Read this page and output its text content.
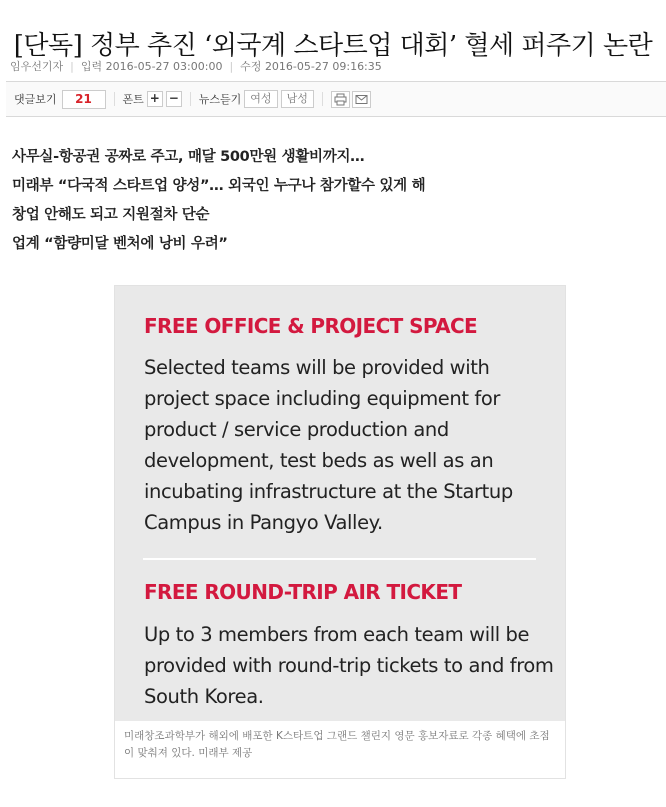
[단독] 정부 추진 ‘외국계 스타트업 대회’ 혈세 퍼주기 논란
임우선기자 | 입력 2016-05-27 03:00:00 | 수정 2016-05-27 09:16:35
댓글보기	21	폰트 + − 뉴스듣기 여성	남성
사무실-항공권 공짜로 주고, 매달 500만원 생활비까지…
미래부 “다국적 스타트업 양성”… 외국인 누구나 참가할수 있게 해
창업 안해도 되고 지원절차 단순
업계 “함량미달 벤처에 낭비 우려”
FREE OFFICE & PROJECT SPACE
Selected teams will be provided with project space including equipment for product / service production and development, test beds as well as an incubating infrastructure at the Startup Campus in Pangyo Valley.
FREE ROUND-TRIP AIR TICKET
Up to 3 members from each team will be provided with round-trip tickets to and from South Korea.
미래창조과학부가 해외에 배포한 K스타트업 그랜드 챌린지 영문 홍보자료로 각종 혜택에 초점이 맞춰져 있다. 미래부 제공
